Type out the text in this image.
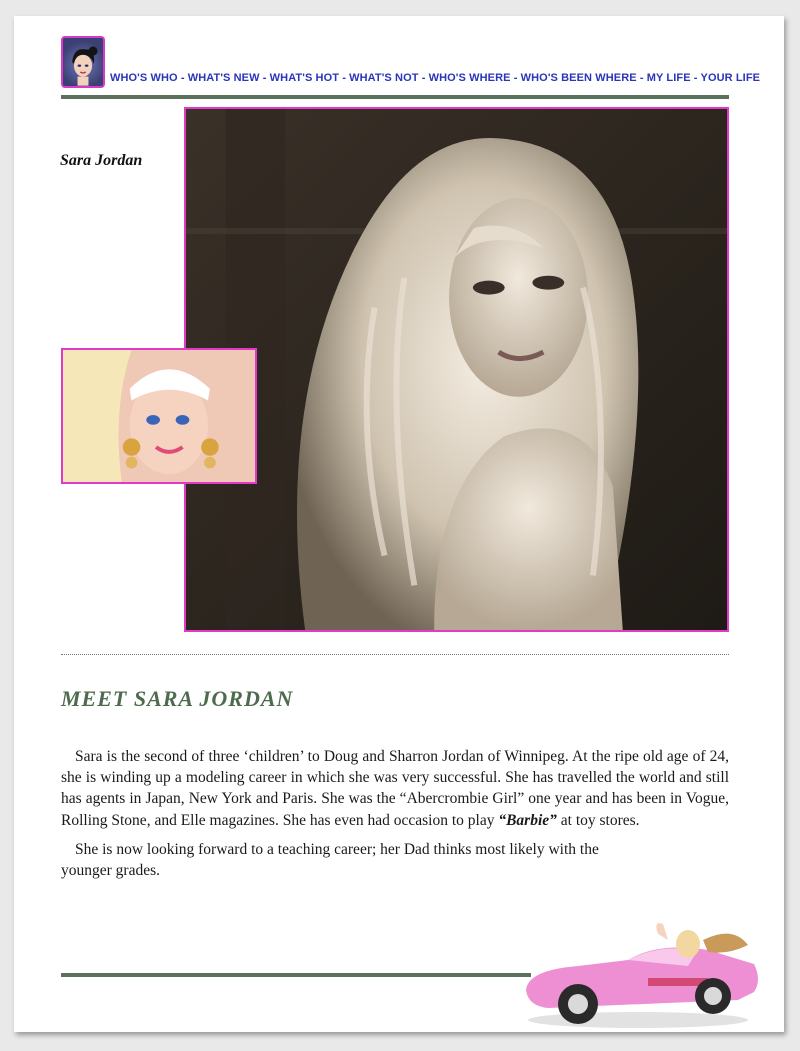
WHO'S WHO - WHAT'S NEW - WHAT'S HOT - WHAT'S NOT - WHO'S WHERE - WHO'S BEEN WHERE - MY LIFE - YOUR LIFE
Sara Jordan
MEET SARA JORDAN

Sara is the second of three ‘children’ to Doug and Sharron Jordan of Winnipeg. At the ripe old age of 24, she is winding up a modeling career in which she was very successful. She has travelled the world and still has agents in Japan, New York and Paris. She was the “Abercrombie Girl” one year and has been in Vogue, Rolling Stone, and Elle magazines. She has even had occasion to play “Barbie” at toy stores.

She is now looking forward to a teaching career; her Dad thinks most likely with the younger grades.
